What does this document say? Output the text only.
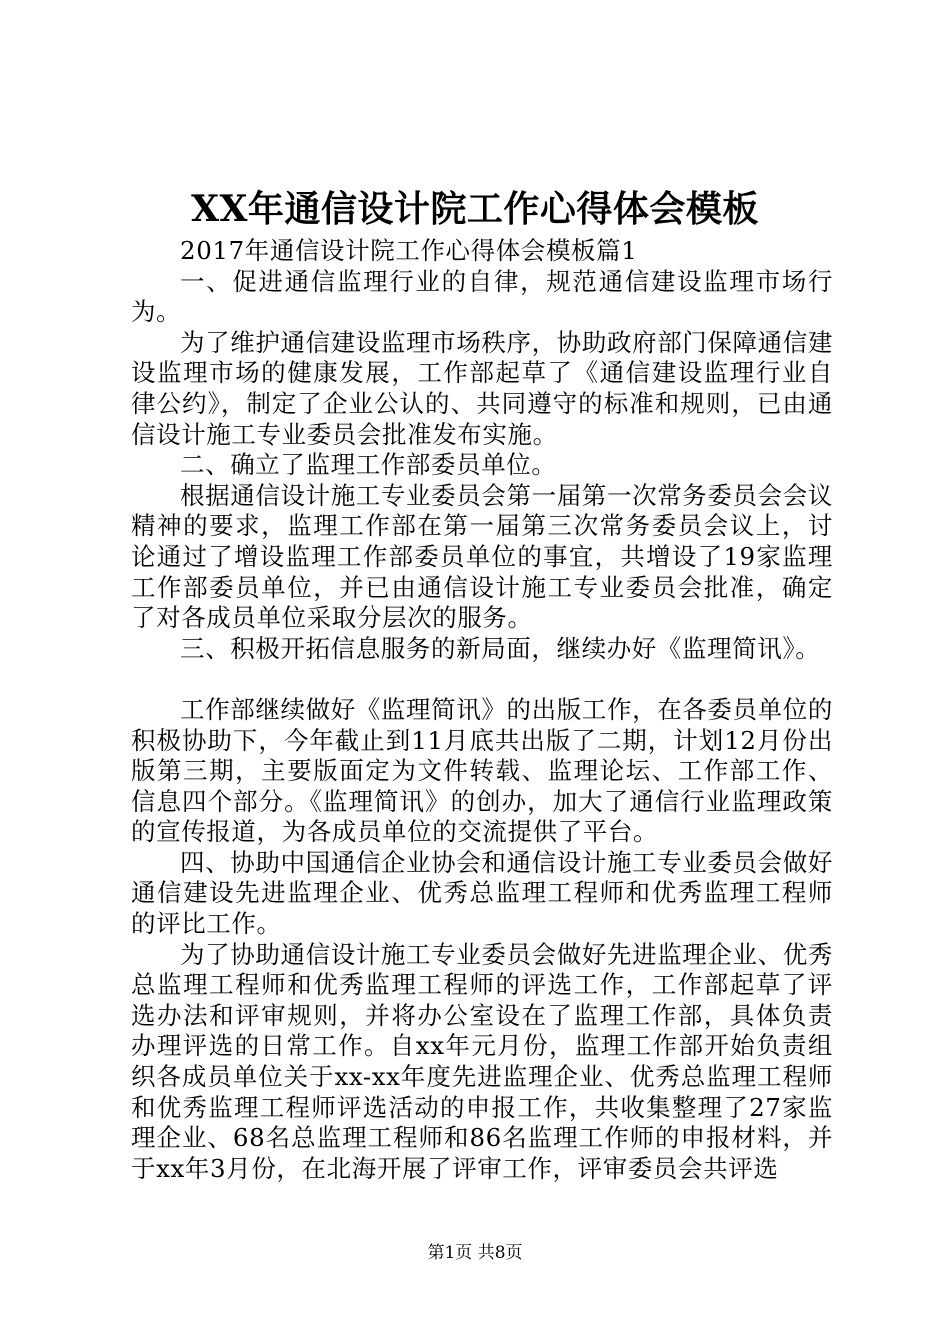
XX年通信设计院工作心得体会模板

2017年通信设计院工作心得体会模板篇1

一、促进通信监理行业的自律，规范通信建设监理市场行为。

为了维护通信建设监理市场秩序，协助政府部门保障通信建设监理市场的健康发展，工作部起草了《通信建设监理行业自律公约》，制定了企业公认的、共同遵守的标准和规则，已由通信设计施工专业委员会批准发布实施。

二、确立了监理工作部委员单位。

根据通信设计施工专业委员会第一届第一次常务委员会会议精神的要求，监理工作部在第一届第三次常务委员会议上，讨论通过了增设监理工作部委员单位的事宜，共增设了19家监理工作部委员单位，并已由通信设计施工专业委员会批准，确定了对各成员单位采取分层次的服务。

三、积极开拓信息服务的新局面，继续办好《监理简讯》。

工作部继续做好《监理简讯》的出版工作，在各委员单位的积极协助下，今年截止到11月底共出版了二期，计划12月份出版第三期，主要版面定为文件转载、监理论坛、工作部工作、信息四个部分。《监理简讯》的创办，加大了通信行业监理政策的宣传报道，为各成员单位的交流提供了平台。

四、协助中国通信企业协会和通信设计施工专业委员会做好通信建设先进监理企业、优秀总监理工程师和优秀监理工程师的评比工作。

为了协助通信设计施工专业委员会做好先进监理企业、优秀总监理工程师和优秀监理工程师的评选工作，工作部起草了评选办法和评审规则，并将办公室设在了监理工作部，具体负责办理评选的日常工作。自xx年元月份，监理工作部开始负责组织各成员单位关于xx-xx年度先进监理企业、优秀总监理工程师和优秀监理工程师评选活动的申报工作，共收集整理了27家监理企业、68名总监理工程师和86名监理工作师的申报材料，并于xx年3月份，在北海开展了评审工作，评审委员会共评选

第1页 共8页
